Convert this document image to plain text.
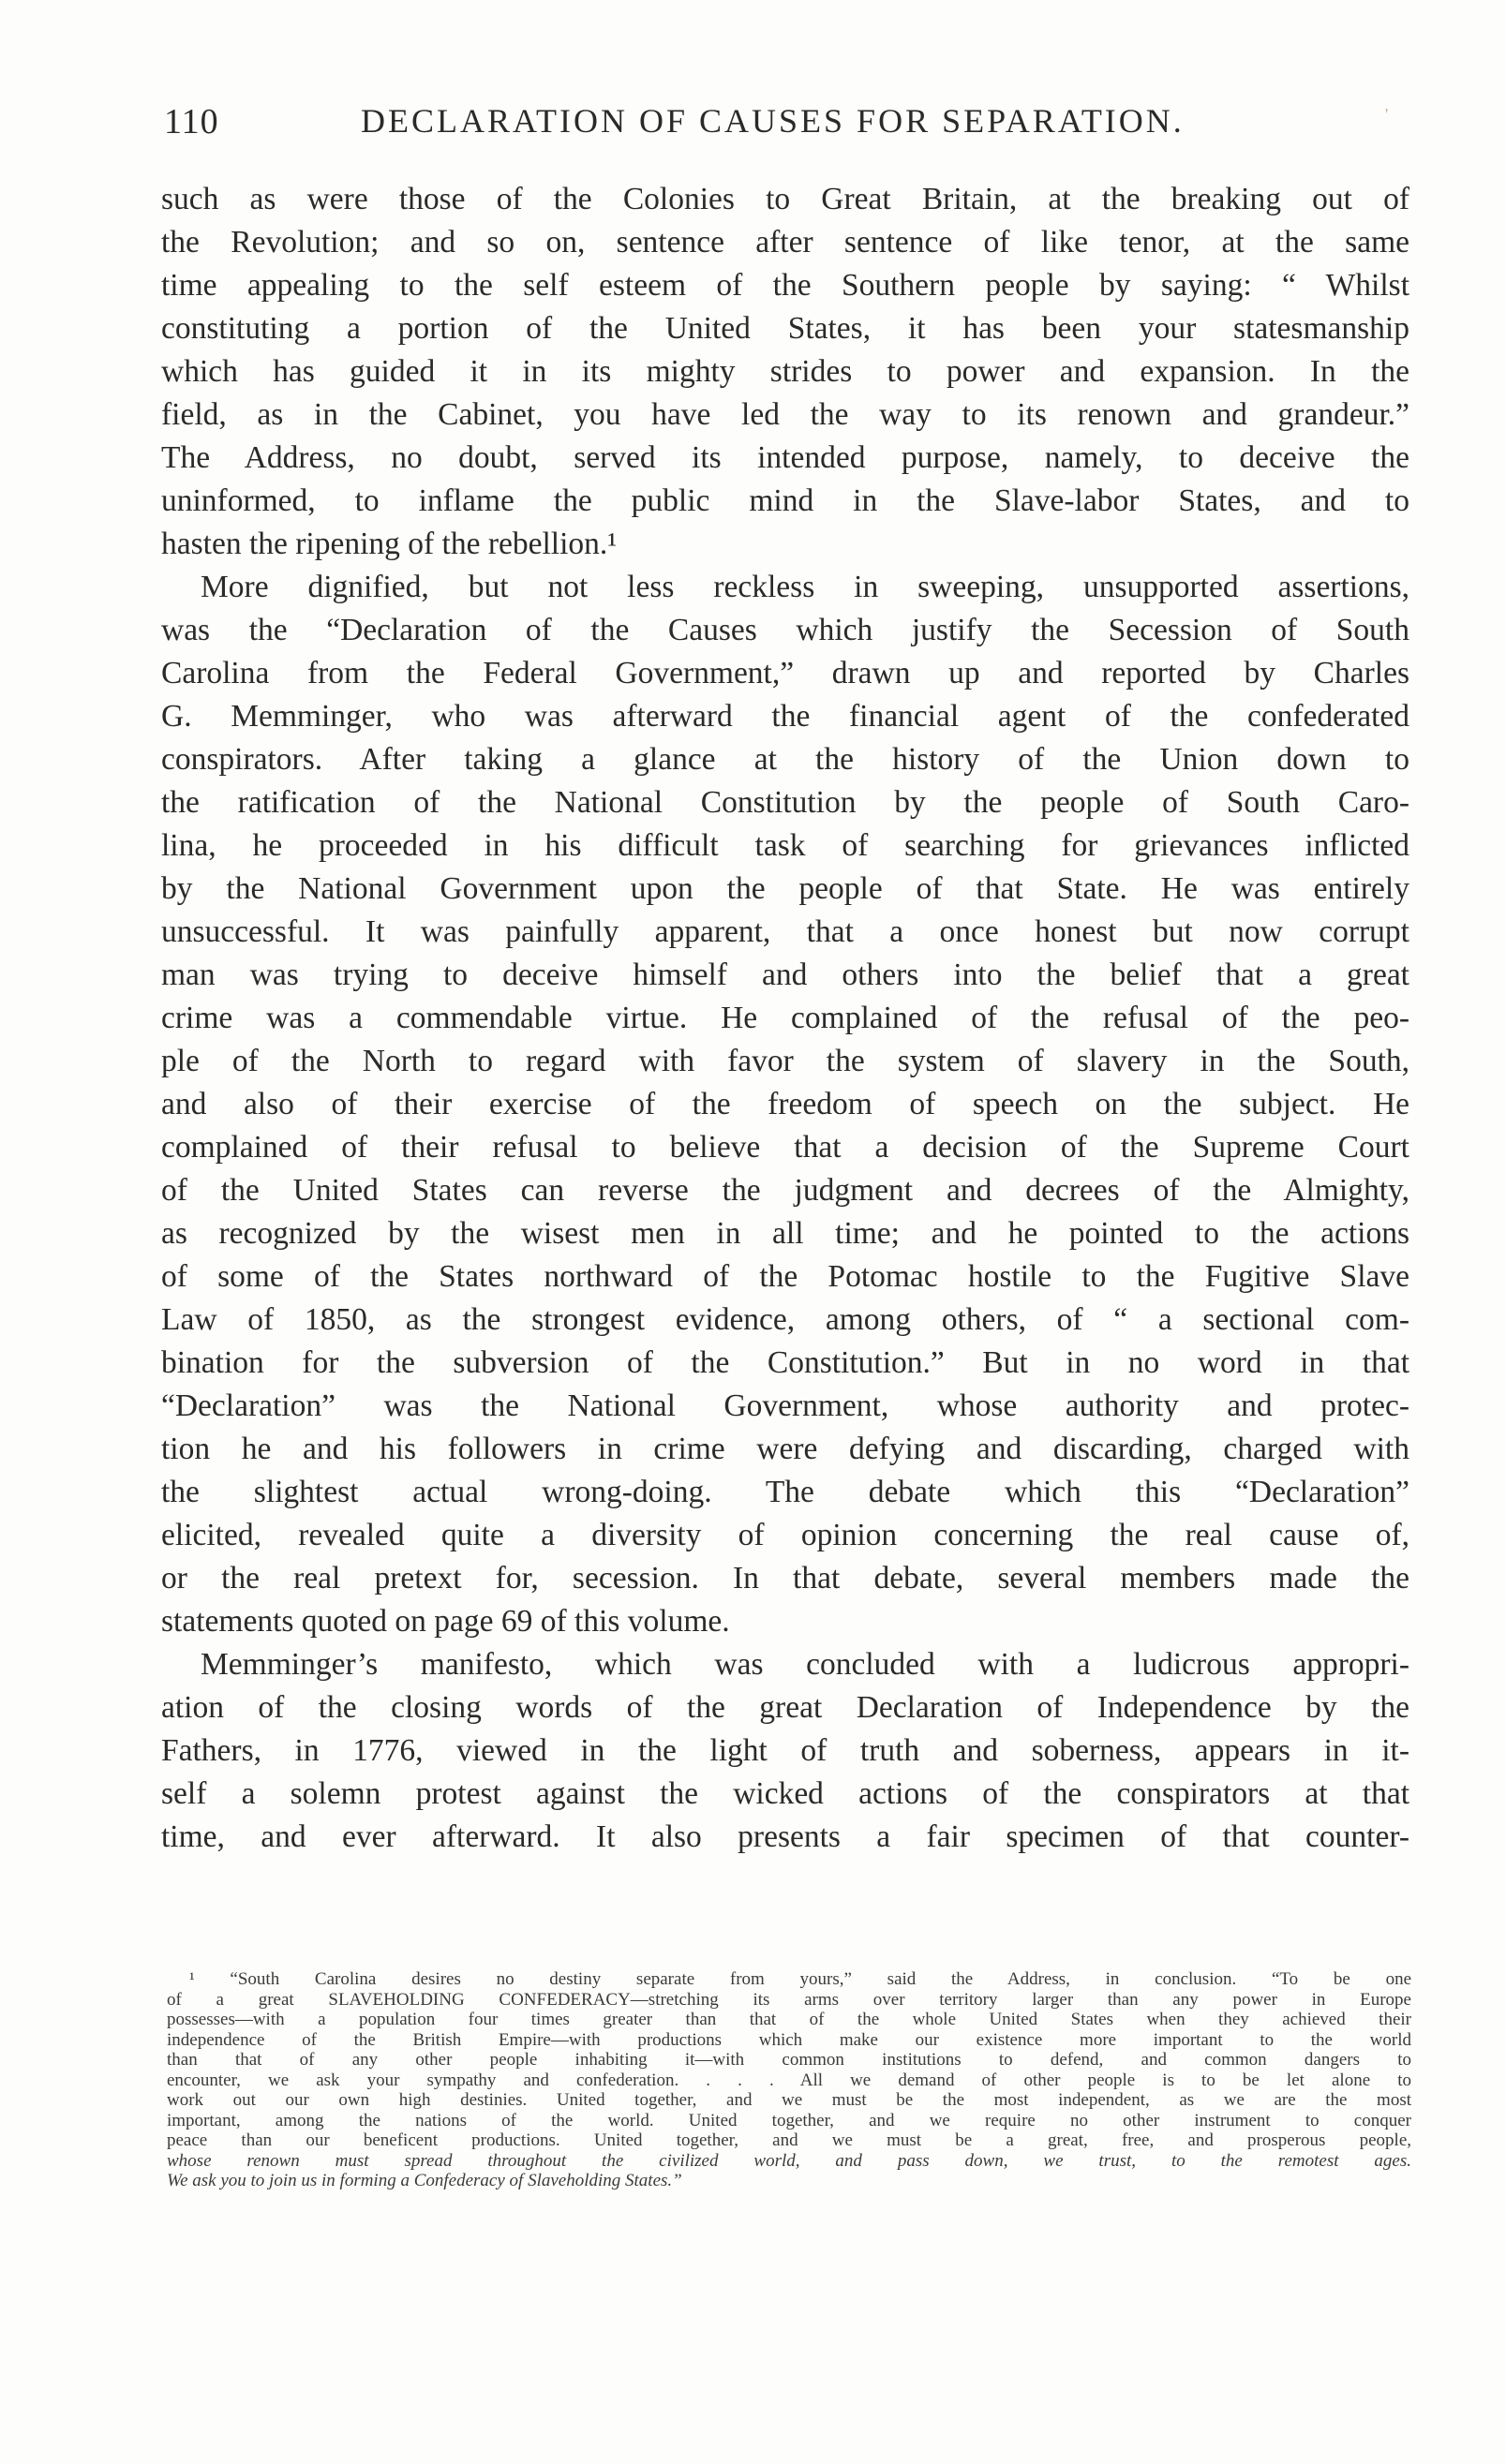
110	DECLARATION OF CAUSES FOR SEPARATION.	'
such as were those of the Colonies to Great Britain, at the breaking out of
the Revolution; and so on, sentence after sentence of like tenor, at the same
time appealing to the self esteem of the Southern people by saying: “ Whilst
constituting a portion of the United States, it has been your statesmanship
which has guided it in its mighty strides to power and expansion. In the
field, as in the Cabinet, you have led the way to its renown and grandeur.”
The Address, no doubt, served its intended purpose, namely, to deceive the
uninformed, to inflame the public mind in the Slave-labor States, and to
hasten the ripening of the rebellion.¹
More dignified, but not less reckless in sweeping, unsupported assertions,
was the “Declaration of the Causes which justify the Secession of South
Carolina from the Federal Government,” drawn up and reported by Charles
G. Memminger, who was afterward the financial agent of the confederated
conspirators. After taking a glance at the history of the Union down to
the ratification of the National Constitution by the people of South Caro-
lina, he proceeded in his difficult task of searching for grievances inflicted
by the National Government upon the people of that State. He was entirely
unsuccessful. It was painfully apparent, that a once honest but now corrupt
man was trying to deceive himself and others into the belief that a great
crime was a commendable virtue. He complained of the refusal of the peo-
ple of the North to regard with favor the system of slavery in the South,
and also of their exercise of the freedom of speech on the subject. He
complained of their refusal to believe that a decision of the Supreme Court
of the United States can reverse the judgment and decrees of the Almighty,
as recognized by the wisest men in all time; and he pointed to the actions
of some of the States northward of the Potomac hostile to the Fugitive Slave
Law of 1850, as the strongest evidence, among others, of “ a sectional com-
bination for the subversion of the Constitution.” But in no word in that
“Declaration” was the National Government, whose authority and protec-
tion he and his followers in crime were defying and discarding, charged with
the slightest actual wrong-doing. The debate which this “Declaration”
elicited, revealed quite a diversity of opinion concerning the real cause of,
or the real pretext for, secession. In that debate, several members made the
statements quoted on page 69 of this volume.
Memminger’s manifesto, which was concluded with a ludicrous appropri-
ation of the closing words of the great Declaration of Independence by the
Fathers, in 1776, viewed in the light of truth and soberness, appears in it-
self a solemn protest against the wicked actions of the conspirators at that
time, and ever afterward. It also presents a fair specimen of that counter-
¹ “South Carolina desires no destiny separate from yours,” said the Address, in conclusion. “To be one
of a great SLAVEHOLDING CONFEDERACY—stretching its arms over territory larger than any power in Europe
possesses—with a population four times greater than that of the whole United States when they achieved their
independence of the British Empire—with productions which make our existence more important to the world
than that of any other people inhabiting it—with common institutions to defend, and common dangers to
encounter, we ask your sympathy and confederation. . . . All we demand of other people is to be let alone to
work out our own high destinies. United together, and we must be the most independent, as we are the most
important, among the nations of the world. United together, and we require no other instrument to conquer
peace than our beneficent productions. United together, and we must be a great, free, and prosperous people,
whose renown must spread throughout the civilized world, and pass down, we trust, to the remotest ages.
We ask you to join us in forming a Confederacy of Slaveholding States.”
